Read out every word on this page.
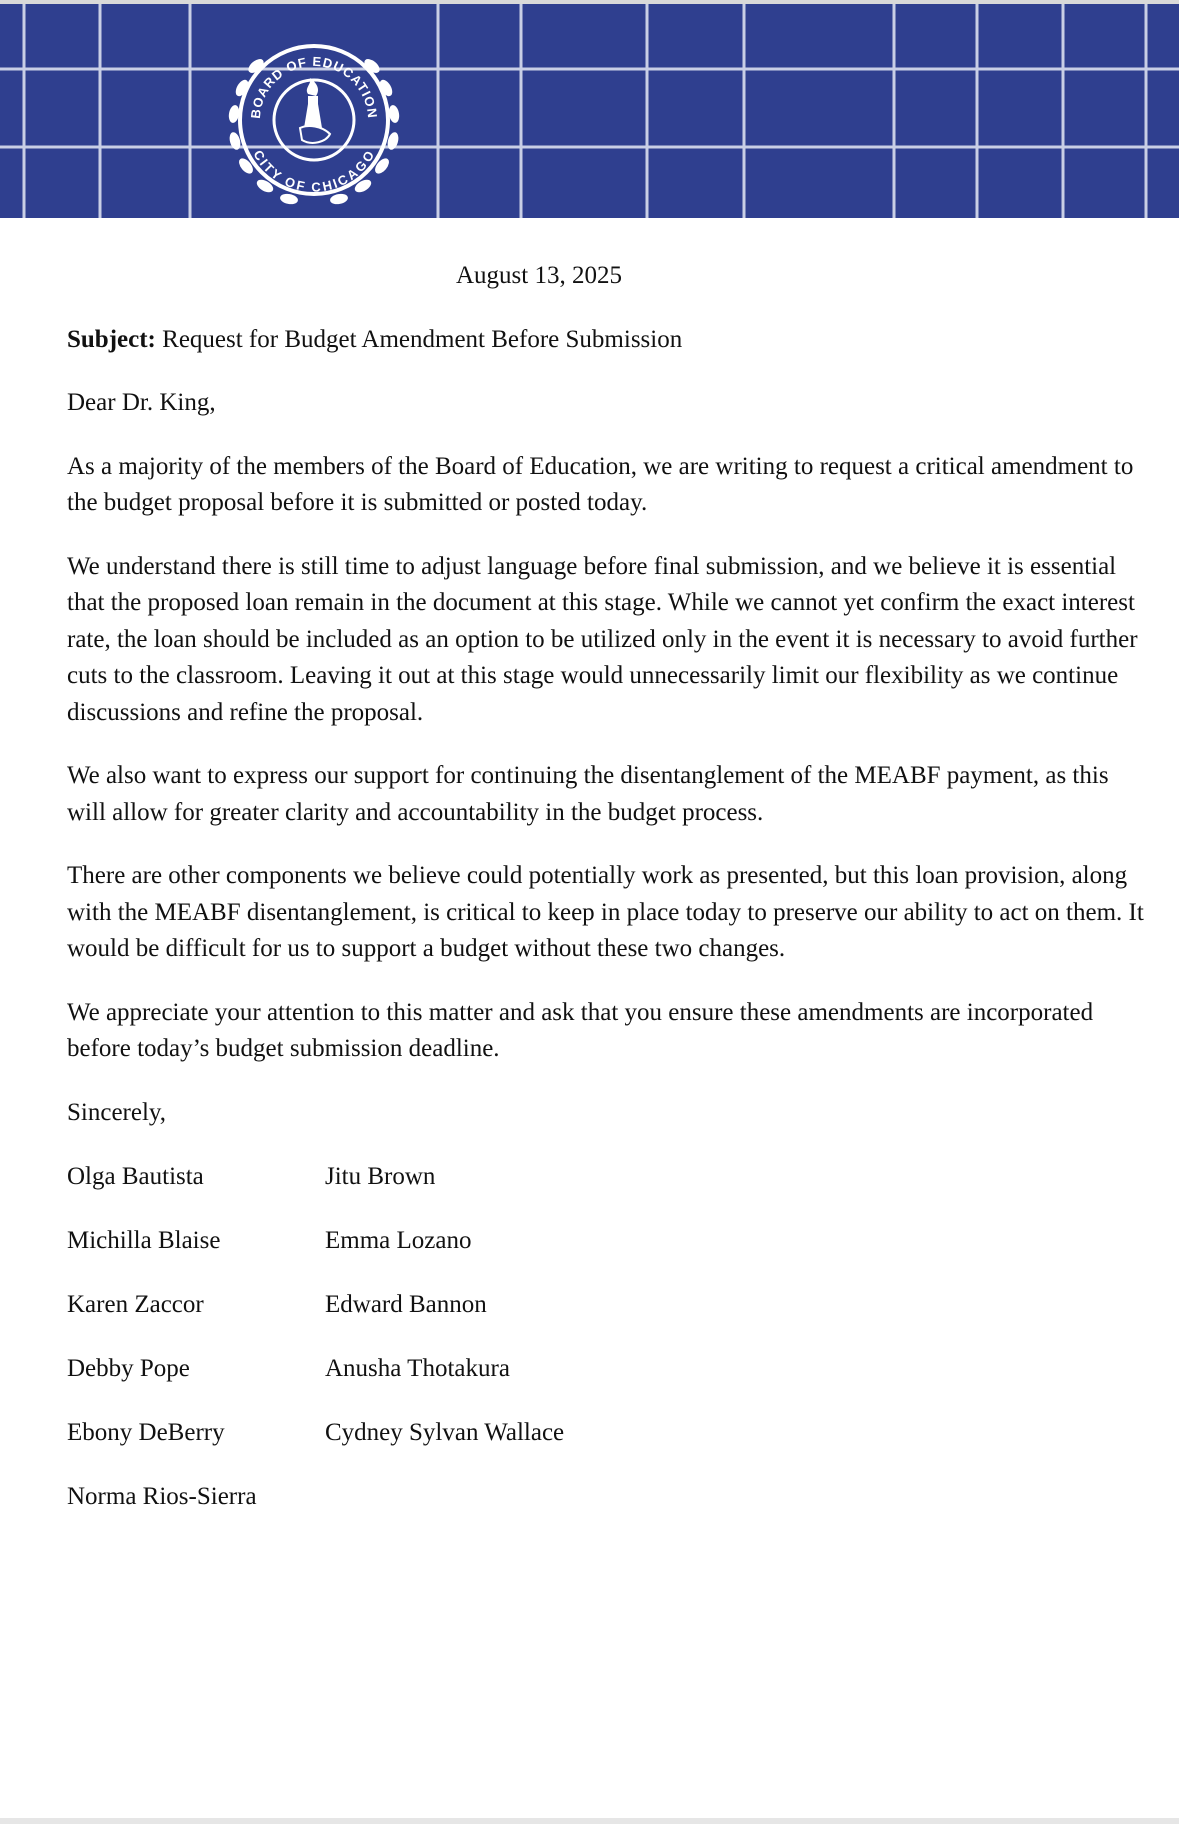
BOARD OF EDUCATION
CITY OF CHICAGO
August 13, 2025
Subject: Request for Budget Amendment Before Submission
Dear Dr. King,

As a majority of the members of the Board of Education, we are writing to request a critical amendment to the budget proposal before it is submitted or posted today.

We understand there is still time to adjust language before final submission, and we believe it is essential that the proposed loan remain in the document at this stage. While we cannot yet confirm the exact interest rate, the loan should be included as an option to be utilized only in the event it is necessary to avoid further cuts to the classroom. Leaving it out at this stage would unnecessarily limit our flexibility as we continue discussions and refine the proposal.

We also want to express our support for continuing the disentanglement of the MEABF payment, as this will allow for greater clarity and accountability in the budget process.

There are other components we believe could potentially work as presented, but this loan provision, along with the MEABF disentanglement, is critical to keep in place today to preserve our ability to act on them. It would be difficult for us to support a budget without these two changes.

We appreciate your attention to this matter and ask that you ensure these amendments are incorporated before today’s budget submission deadline.

Sincerely,
Olga Bautista	Jitu Brown
Michilla Blaise	Emma Lozano
Karen Zaccor	Edward Bannon
Debby Pope	Anusha Thotakura
Ebony DeBerry	Cydney Sylvan Wallace
Norma Rios-Sierra
